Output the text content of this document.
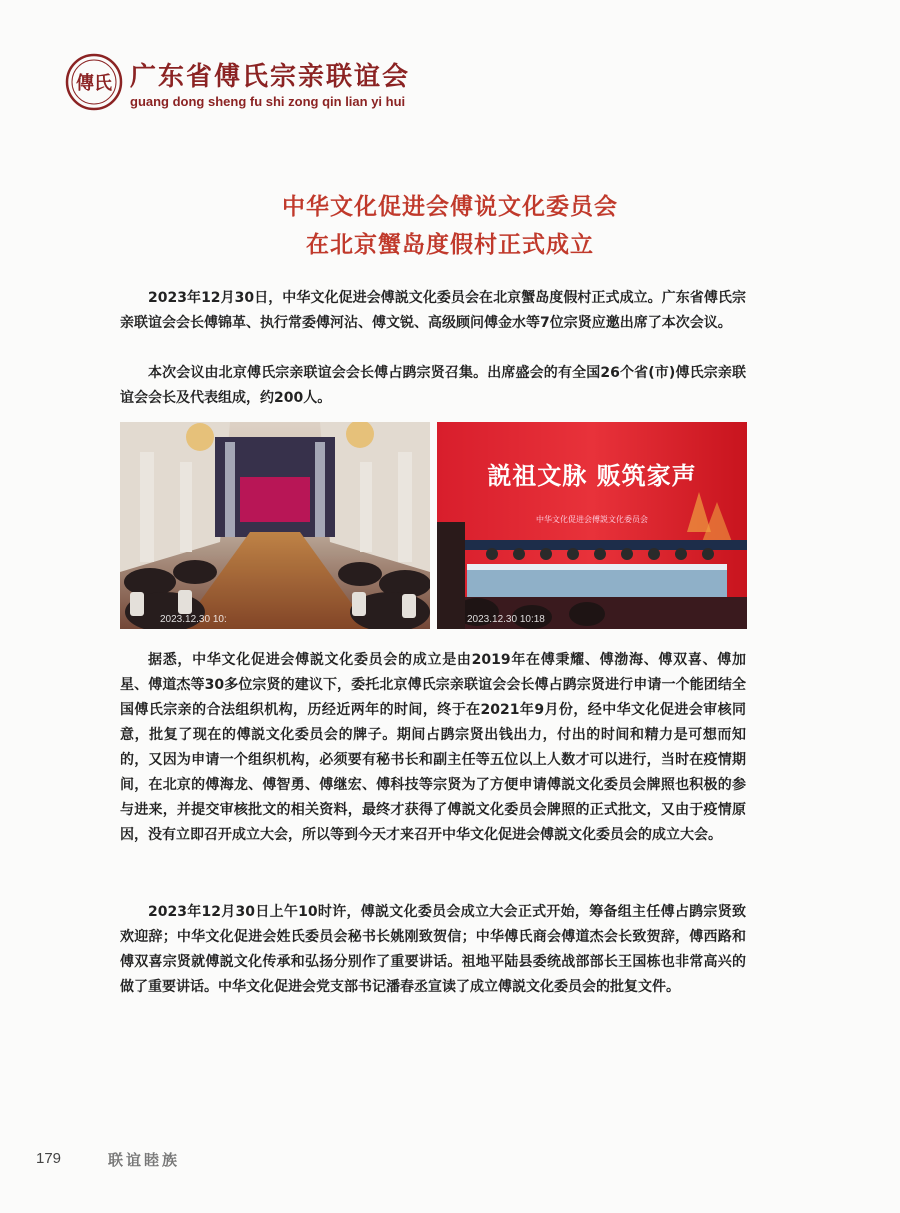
傳氏 广东省傅氏宗亲联谊会
guang dong sheng fu shi zong qin lian yi hui
中华文化促进会傅说文化委员会
在北京蟹岛度假村正式成立

2023年12月30日，中华文化促进会傅説文化委员会在北京蟹岛度假村正式成立。广东省傅氏宗亲联谊会会长傅锦革、执行常委傅河沾、傅文锐、高级顾问傅金水等7位宗贤应邀出席了本次会议。

本次会议由北京傅氏宗亲联谊会会长傅占鹍宗贤召集。出席盛会的有全国26个省(市)傅氏宗亲联谊会会长及代表组成，约200人。

2023.12.30 10:
説祖文脉 贩筑家声
中华文化促进会傅説文化委员会
2023.12.30 10:18

据悉，中华文化促进会傅説文化委员会的成立是由2019年在傅秉耀、傅渤海、傅双喜、傅加星、傅道杰等30多位宗贤的建议下，委托北京傅氏宗亲联谊会会长傅占鹍宗贤进行申请一个能团结全国傅氏宗亲的合法组织机构，历经近两年的时间，终于在2021年9月份，经中华文化促进会审核同意，批复了现在的傅説文化委员会的牌子。期间占鹍宗贤出钱出力，付出的时间和精力是可想而知的，又因为申请一个组织机构，必须要有秘书长和副主任等五位以上人数才可以进行，当时在疫情期间，在北京的傅海龙、傅智勇、傅继宏、傅科技等宗贤为了方便申请傅説文化委员会牌照也积极的参与进来，并提交审核批文的相关资料，最终才获得了傅説文化委员会牌照的正式批文，又由于疫情原因，没有立即召开成立大会，所以等到今天才来召开中华文化促进会傅説文化委员会的成立大会。

2023年12月30日上午10时许，傅説文化委员会成立大会正式开始，筹备组主任傅占鹍宗贤致欢迎辞；中华文化促进会姓氏委员会秘书长姚刚致贺信；中华傅氏商会傅道杰会长致贺辞，傅西路和傅双喜宗贤就傅説文化传承和弘扬分别作了重要讲话。祖地平陆县委统战部部长王国栋也非常高兴的做了重要讲话。中华文化促进会党支部书记潘春丞宣读了成立傅説文化委员会的批复文件。

179	联谊睦族
